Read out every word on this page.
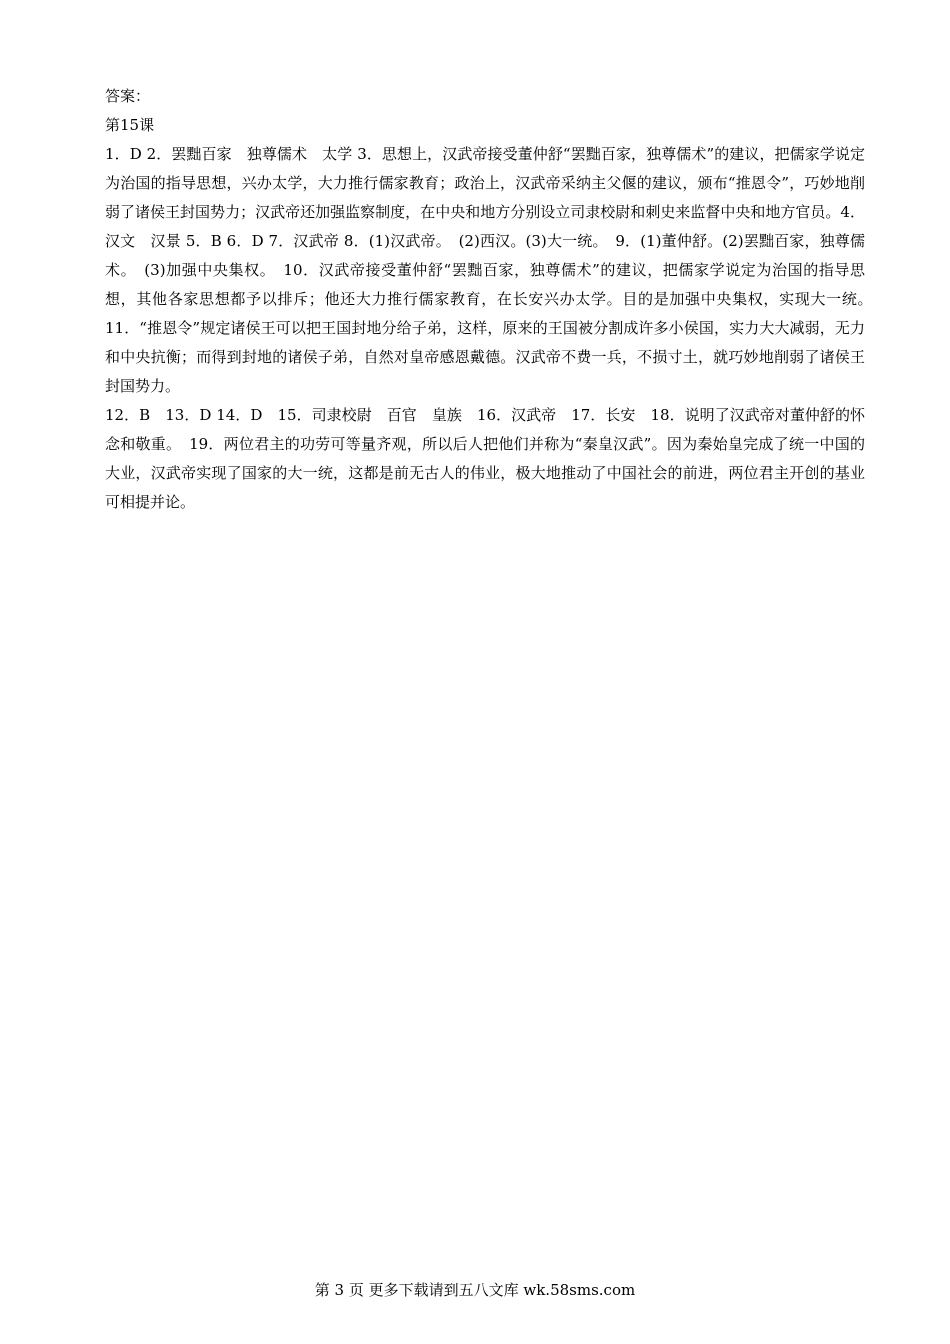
答案：
第15课
1．D 2．罢黜百家　独尊儒术　太学 3．思想上，汉武帝接受董仲舒“罢黜百家，独尊儒术”的建议，把儒家学说定为治国的指导思想，兴办太学，大力推行儒家教育；政治上，汉武帝采纳主父偃的建议，颁布“推恩令”，巧妙地削弱了诸侯王封国势力；汉武帝还加强监察制度，在中央和地方分别设立司隶校尉和刺史来监督中央和地方官员。4．汉文　汉景 5．B 6．D 7．汉武帝 8．(1)汉武帝。　(2)西汉。(3)大一统。　9．(1)董仲舒。(2)罢黜百家，独尊儒术。　(3)加强中央集权。　10．汉武帝接受董仲舒“罢黜百家，独尊儒术”的建议，把儒家学说定为治国的指导思想，其他各家思想都予以排斥；他还大力推行儒家教育，在长安兴办太学。目的是加强中央集权，实现大一统。　11．“推恩令”规定诸侯王可以把王国封地分给子弟，这样，原来的王国被分割成许多小侯国，实力大大减弱，无力和中央抗衡；而得到封地的诸侯子弟，自然对皇帝感恩戴德。汉武帝不费一兵，不损寸土，就巧妙地削弱了诸侯王封国势力。
12．B　13．D 14．D　15．司隶校尉　百官　皇族　16．汉武帝　17．长安　18．说明了汉武帝对董仲舒的怀念和敬重。　19．两位君主的功劳可等量齐观，所以后人把他们并称为“秦皇汉武”。因为秦始皇完成了统一中国的大业，汉武帝实现了国家的大一统，这都是前无古人的伟业，极大地推动了中国社会的前进，两位君主开创的基业可相提并论。
第 3 页 更多下载请到五八文库 wk.58sms.com
